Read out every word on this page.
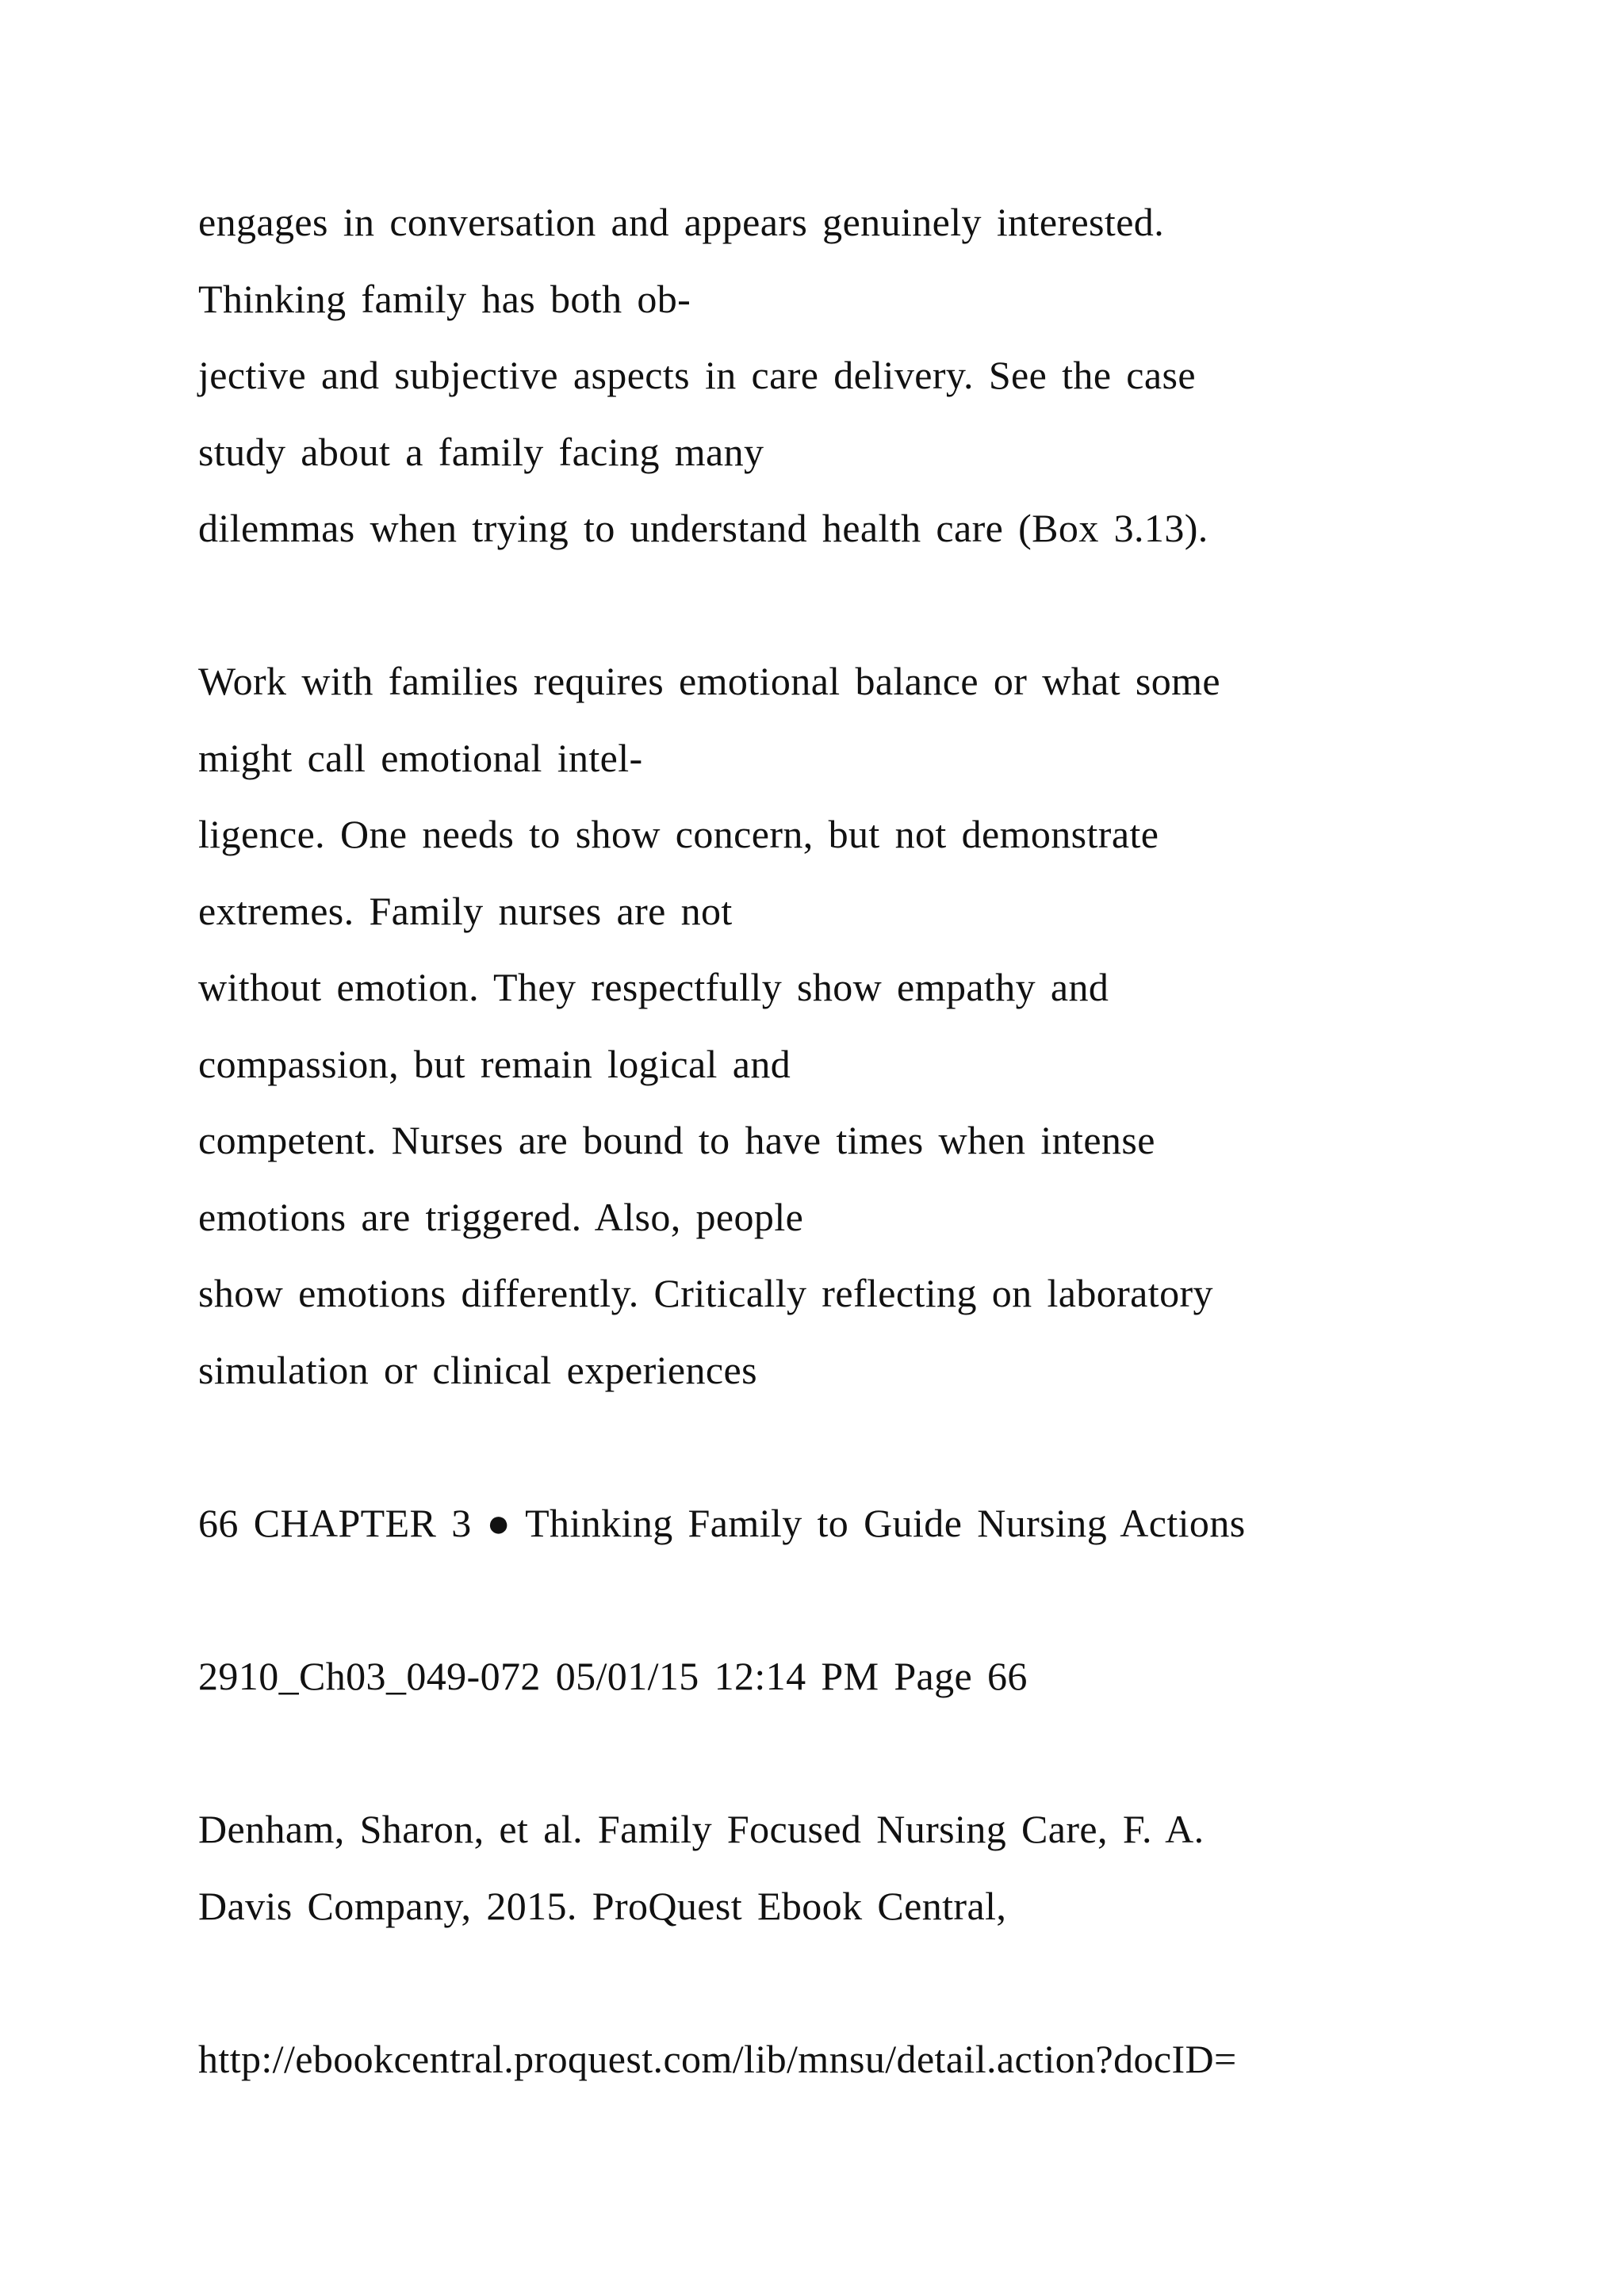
engages in conversation and appears genuinely interested.
Thinking family has both ob-
jective and subjective aspects in care delivery. See the case
study about a family facing many
dilemmas when trying to understand health care (Box 3.13).
Work with families requires emotional balance or what some
might call emotional intel-
ligence. One needs to show concern, but not demonstrate
extremes. Family nurses are not
without emotion. They respectfully show empathy and
compassion, but remain logical and
competent. Nurses are bound to have times when intense
emotions are triggered. Also, people
show emotions differently. Critically reflecting on laboratory
simulation or clinical experiences
66 CHAPTER 3 ● Thinking Family to Guide Nursing Actions
2910_Ch03_049-072 05/01/15 12:14 PM Page 66
Denham, Sharon, et al. Family Focused Nursing Care, F. A.
Davis Company, 2015. ProQuest Ebook Central,
http://ebookcentral.proquest.com/lib/mnsu/detail.action?docID=
